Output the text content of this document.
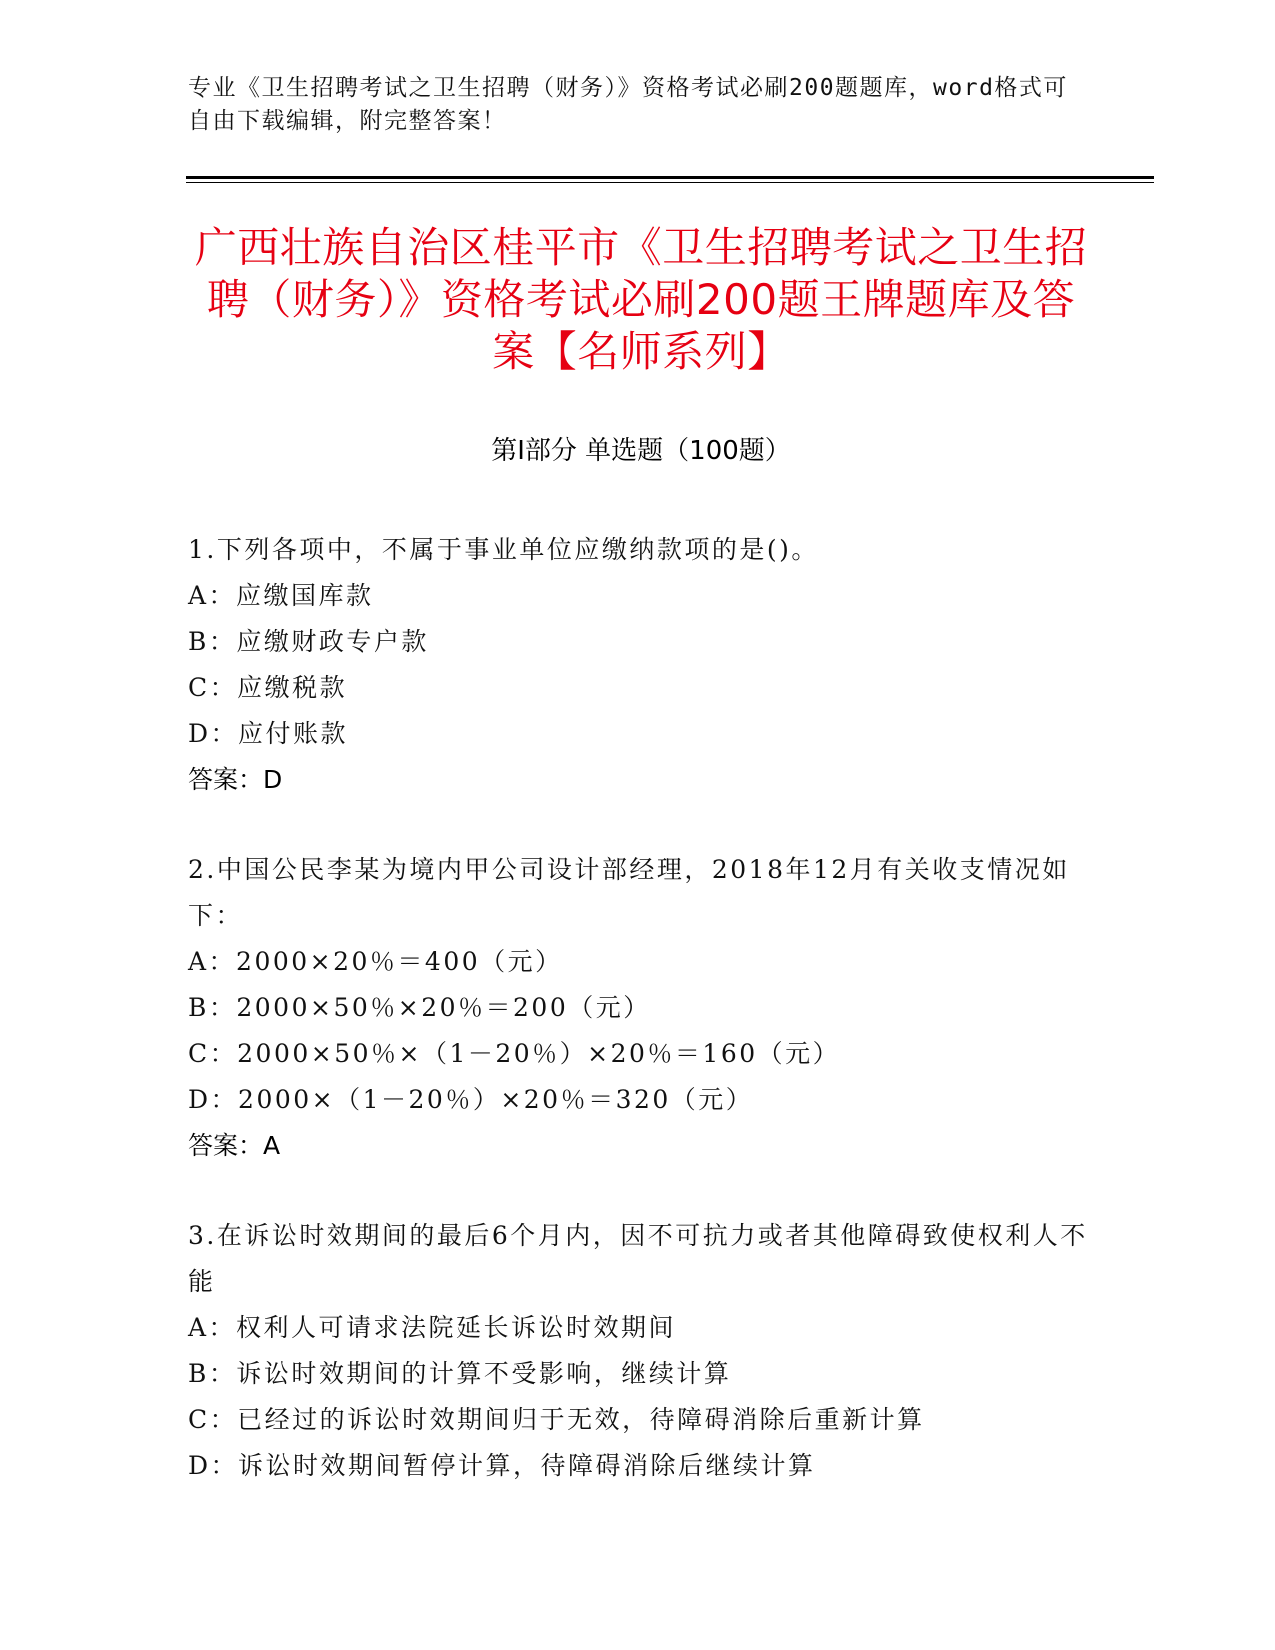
专业《卫生招聘考试之卫生招聘（财务）》资格考试必刷200题题库，word格式可自由下载编辑，附完整答案！
广西壮族自治区桂平市《卫生招聘考试之卫生招聘（财务）》资格考试必刷200题王牌题库及答案【名师系列】
第Ⅰ部分 单选题（100题）

1.下列各项中，不属于事业单位应缴纳款项的是()。

A：应缴国库款

B：应缴财政专户款

C：应缴税款

D：应付账款

答案：D

2.中国公民李某为境内甲公司设计部经理，2018年12月有关收支情况如下：

A：2000×20％＝400（元）

B：2000×50％×20％＝200（元）

C：2000×50％×（1－20％）×20％＝160（元）

D：2000×（1－20％）×20％＝320（元）

答案：A

3.在诉讼时效期间的最后6个月内，因不可抗力或者其他障碍致使权利人不能

A：权利人可请求法院延长诉讼时效期间

B：诉讼时效期间的计算不受影响，继续计算

C：已经过的诉讼时效期间归于无效，待障碍消除后重新计算

D：诉讼时效期间暂停计算，待障碍消除后继续计算
